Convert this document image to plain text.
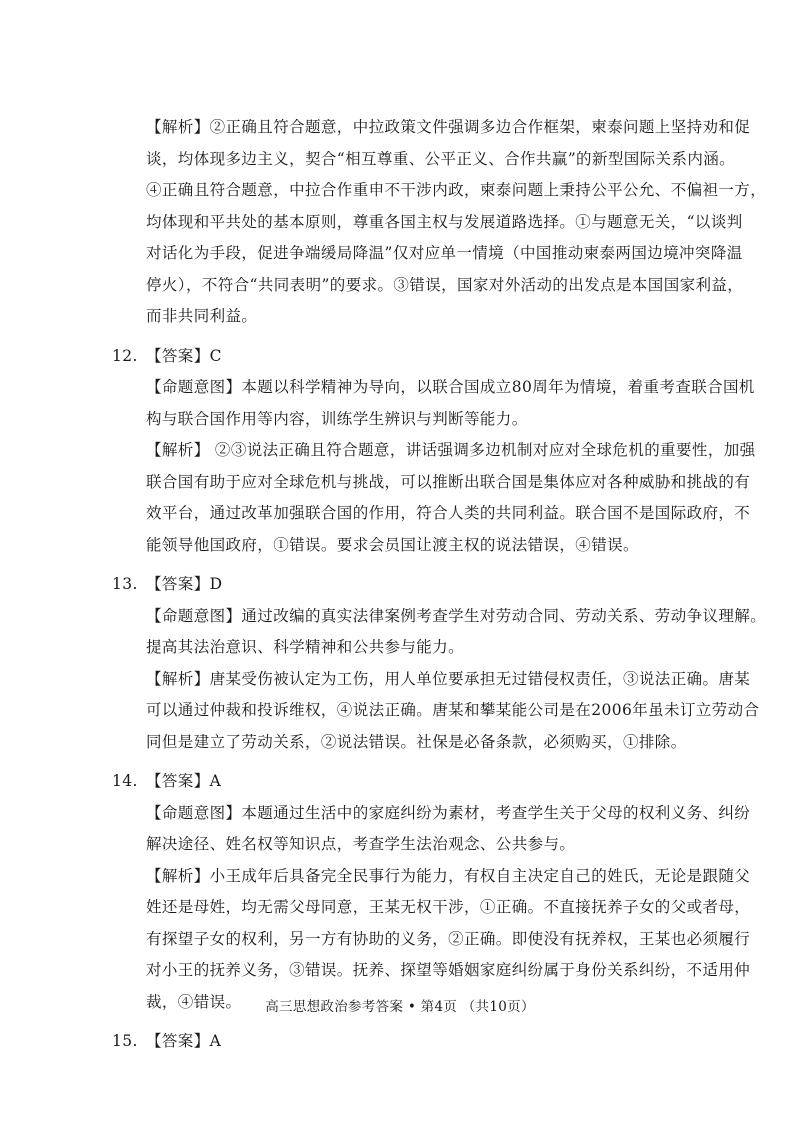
【解析】②正确且符合题意，中拉政策文件强调多边合作框架，柬泰问题上坚持劝和促
谈，均体现多边主义，契合“相互尊重、公平正义、合作共赢”的新型国际关系内涵。
④正确且符合题意，中拉合作重申不干涉内政，柬泰问题上秉持公平公允、不偏袒一方，
均体现和平共处的基本原则，尊重各国主权与发展道路选择。①与题意无关，“以谈判
对话化为手段，促进争端缓局降温”仅对应单一情境（中国推动柬泰两国边境冲突降温
停火），不符合“共同表明”的要求。③错误，国家对外活动的出发点是本国国家利益，
而非共同利益。
12. 【答案】C
【命题意图】本题以科学精神为导向，以联合国成立80周年为情境，着重考查联合国机
构与联合国作用等内容，训练学生辨识与判断等能力。
【解析】 ②③说法正确且符合题意，讲话强调多边机制对应对全球危机的重要性，加强
联合国有助于应对全球危机与挑战，可以推断出联合国是集体应对各种威胁和挑战的有
效平台，通过改革加强联合国的作用，符合人类的共同利益。联合国不是国际政府，不
能领导他国政府，①错误。要求会员国让渡主权的说法错误，④错误。
13. 【答案】D
【命题意图】通过改编的真实法律案例考查学生对劳动合同、劳动关系、劳动争议理解。
提高其法治意识、科学精神和公共参与能力。
【解析】唐某受伤被认定为工伤，用人单位要承担无过错侵权责任，③说法正确。唐某
可以通过仲裁和投诉维权，④说法正确。唐某和攀某能公司是在2006年虽未订立劳动合
同但是建立了劳动关系，②说法错误。社保是必备条款，必须购买，①排除。
14. 【答案】A
【命题意图】本题通过生活中的家庭纠纷为素材，考查学生关于父母的权利义务、纠纷
解决途径、姓名权等知识点，考查学生法治观念、公共参与。
【解析】小王成年后具备完全民事行为能力，有权自主决定自己的姓氏，无论是跟随父
姓还是母姓，均无需父母同意，王某无权干涉，①正确。不直接抚养子女的父或者母，
有探望子女的权利，另一方有协助的义务，②正确。即使没有抚养权，王某也必须履行
对小王的抚养义务，③错误。抚养、探望等婚姻家庭纠纷属于身份关系纠纷，不适用仲
裁，④错误。
15. 【答案】A
高三思想政治参考答案 • 第4页 （共10页）
